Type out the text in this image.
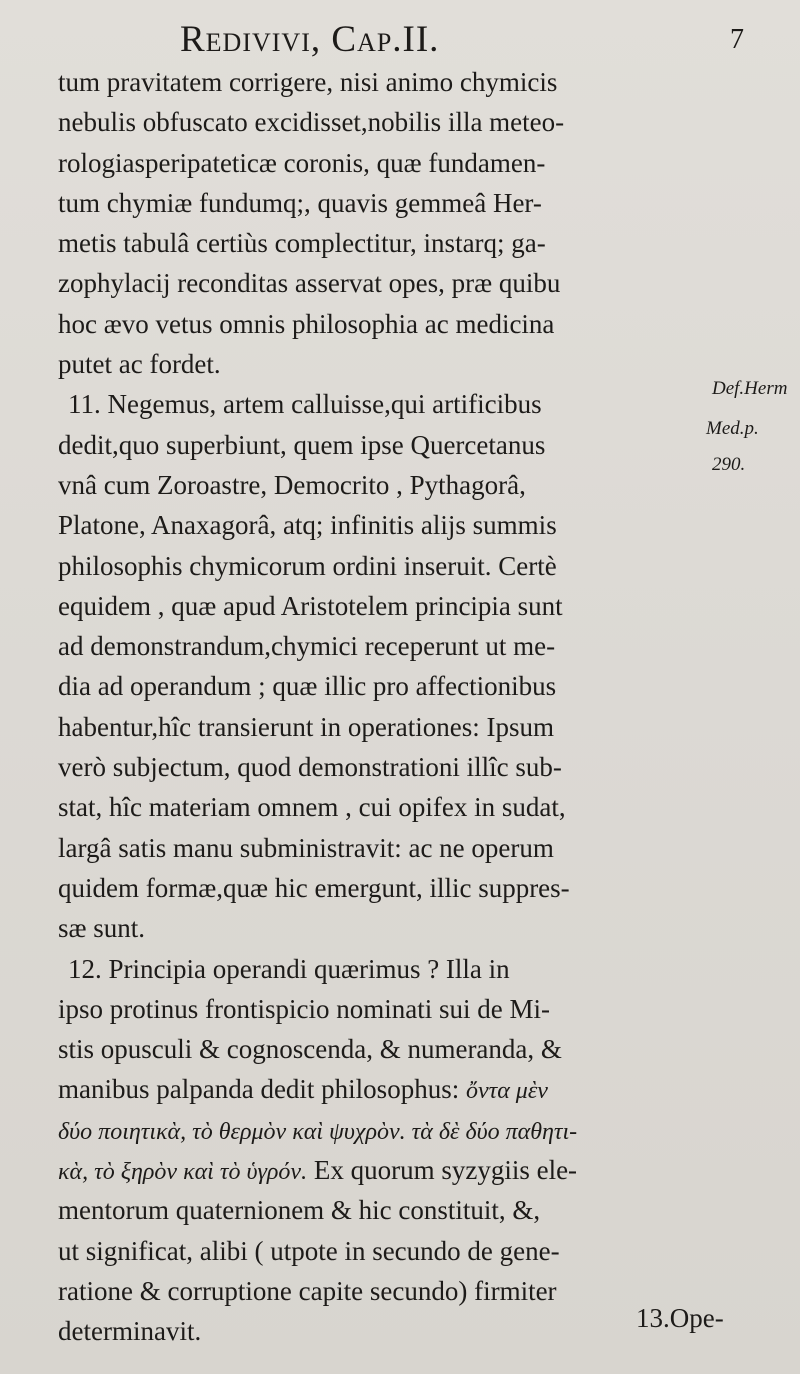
Redivivi, Cap.II.	7
tum pravitatem corrigere, nisi animo chymicis
nebulis obfuscato excidisset,nobilis illa meteo-
rologiasperipateticæ coronis, quæ fundamen-
tum chymiæ fundumq;, quavis gemmeâ Her-
metis tabulâ certiùs complectitur, instarq; ga-
zophylacij reconditas asservat opes, præ quibu
hoc ævo vetus omnis philosophia ac medicina
putet ac fordet.
11. Negemus, artem calluisse,qui artificibus
dedit,quo superbiunt, quem ipse Quercetanus
vnâ cum Zoroastre, Democrito , Pythagorâ,
Platone, Anaxagorâ, atq; infinitis alijs summis
philosophis chymicorum ordini inseruit. Certè
equidem , quæ apud Aristotelem principia sunt
ad demonstrandum,chymici receperunt ut me-
dia ad operandum ; quæ illic pro affectionibus
habentur,hîc transierunt in operationes: Ipsum
verò subjectum, quod demonstrationi illîc sub-
stat, hîc materiam omnem , cui opifex in sudat,
largâ satis manu subministravit: ac ne operum
quidem formæ,quæ hic emergunt, illic suppres-
sæ sunt.
12. Principia operandi quærimus ? Illa in
ipso protinus frontispicio nominati sui de Mi-
stis opusculi & cognoscenda, & numeranda, &
manibus palpanda dedit philosophus: ὄντα μὲν
δύο ποιητικὰ, τὸ θερμὸν καὶ ψυχρὸν. τὰ δὲ δύο παθητι-
κὰ, τὸ ξηρὸν καὶ τὸ ὑγρόν. Ex quorum syzygiis ele-
mentorum quaternionem & hic constituit, &,
ut significat, alibi ( utpote in secundo de gene-
ratione & corruptione capite secundo) firmiter
determinavit.
Def.Herm
Med.p.
290.
13.Ope-
